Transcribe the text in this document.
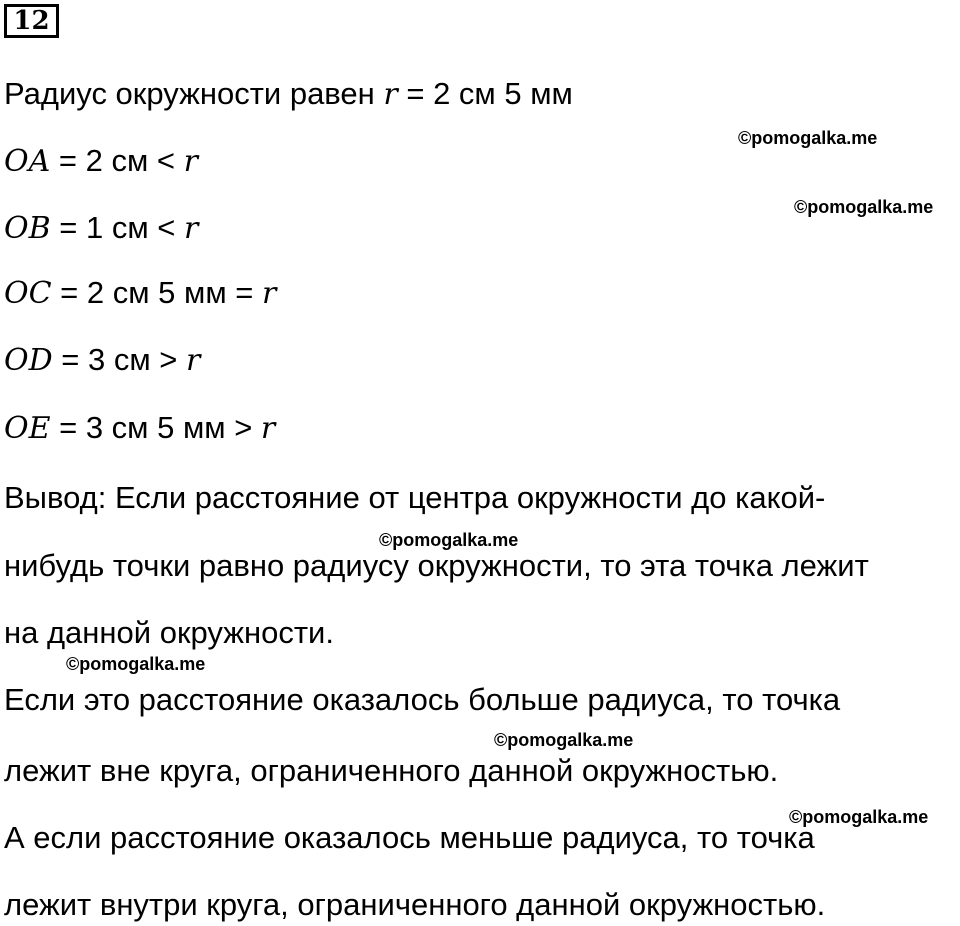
12
Радиус окружности равен r = 2 см 5 мм
OA = 2 см < r
OB = 1 см < r
OC = 2 см 5 мм = r
OD = 3 см > r
OE = 3 см 5 мм > r
Вывод: Если расстояние от центра окружности до какой-
нибудь точки равно радиусу окружности, то эта точка лежит
на данной окружности.
Если это расстояние оказалось больше радиуса, то точка
лежит вне круга, ограниченного данной окружностью.
А если расстояние оказалось меньше радиуса, то точка
лежит внутри круга, ограниченного данной окружностью.
©pomogalka.me
©pomogalka.me
©pomogalka.me
©pomogalka.me
©pomogalka.me
©pomogalka.me
